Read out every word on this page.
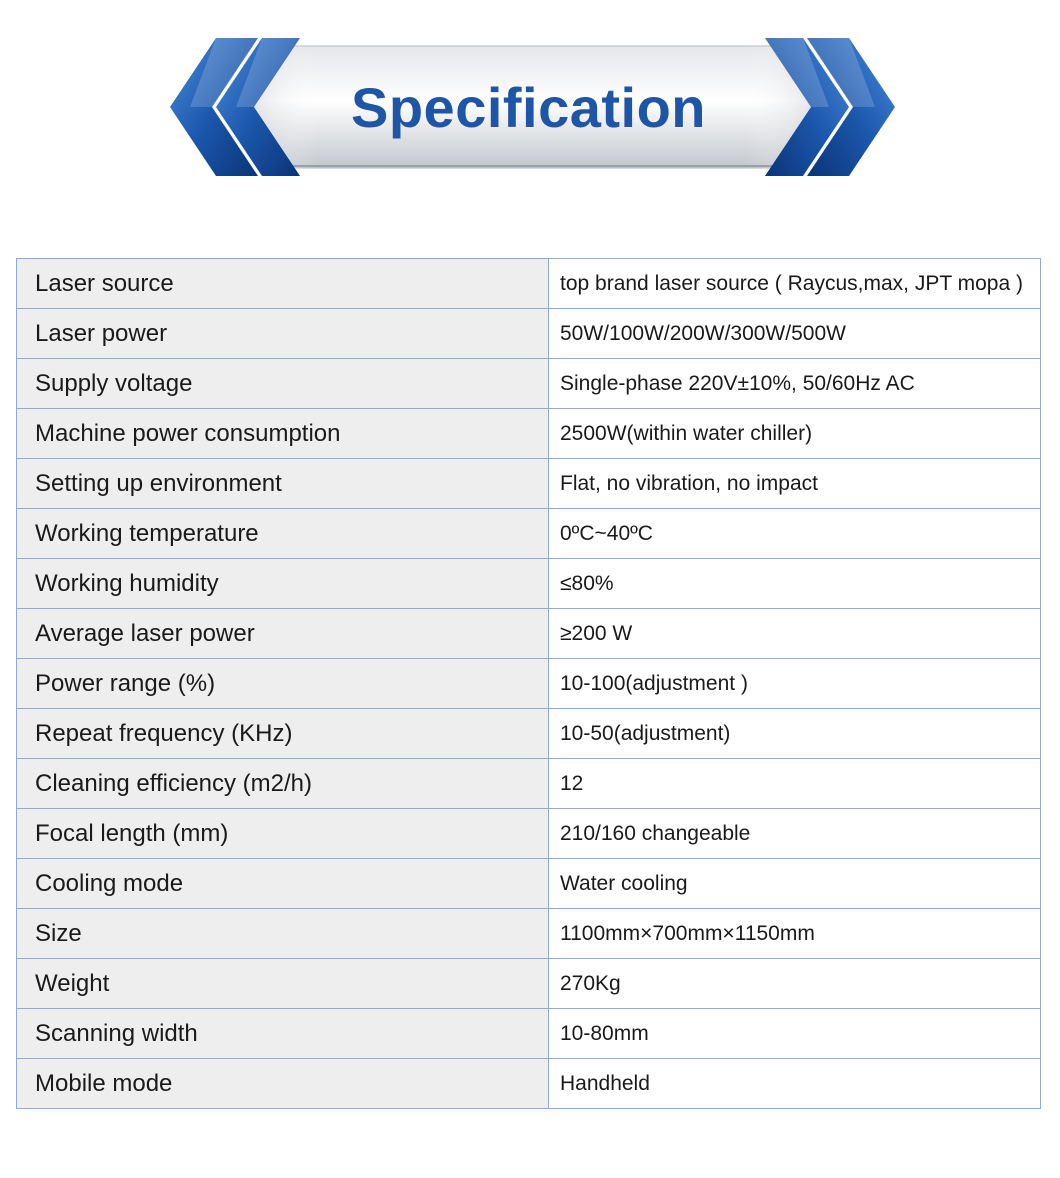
Specification
Laser source	top brand laser source ( Raycus,max, JPT mopa )
Laser power	50W/100W/200W/300W/500W
Supply voltage	Single-phase 220V±10%, 50/60Hz AC
Machine power consumption	2500W(within water chiller)
Setting up environment	Flat, no vibration, no impact
Working temperature	0ºC~40ºC
Working humidity	≤80%
Average laser power	≥200 W
Power range (%)	10-100(adjustment )
Repeat frequency (KHz)	10-50(adjustment)
Cleaning efficiency (m2/h)	12
Focal length (mm)	210/160 changeable
Cooling mode	Water cooling
Size	1100mm×700mm×1150mm
Weight	270Kg
Scanning width	10-80mm
Mobile mode	Handheld
